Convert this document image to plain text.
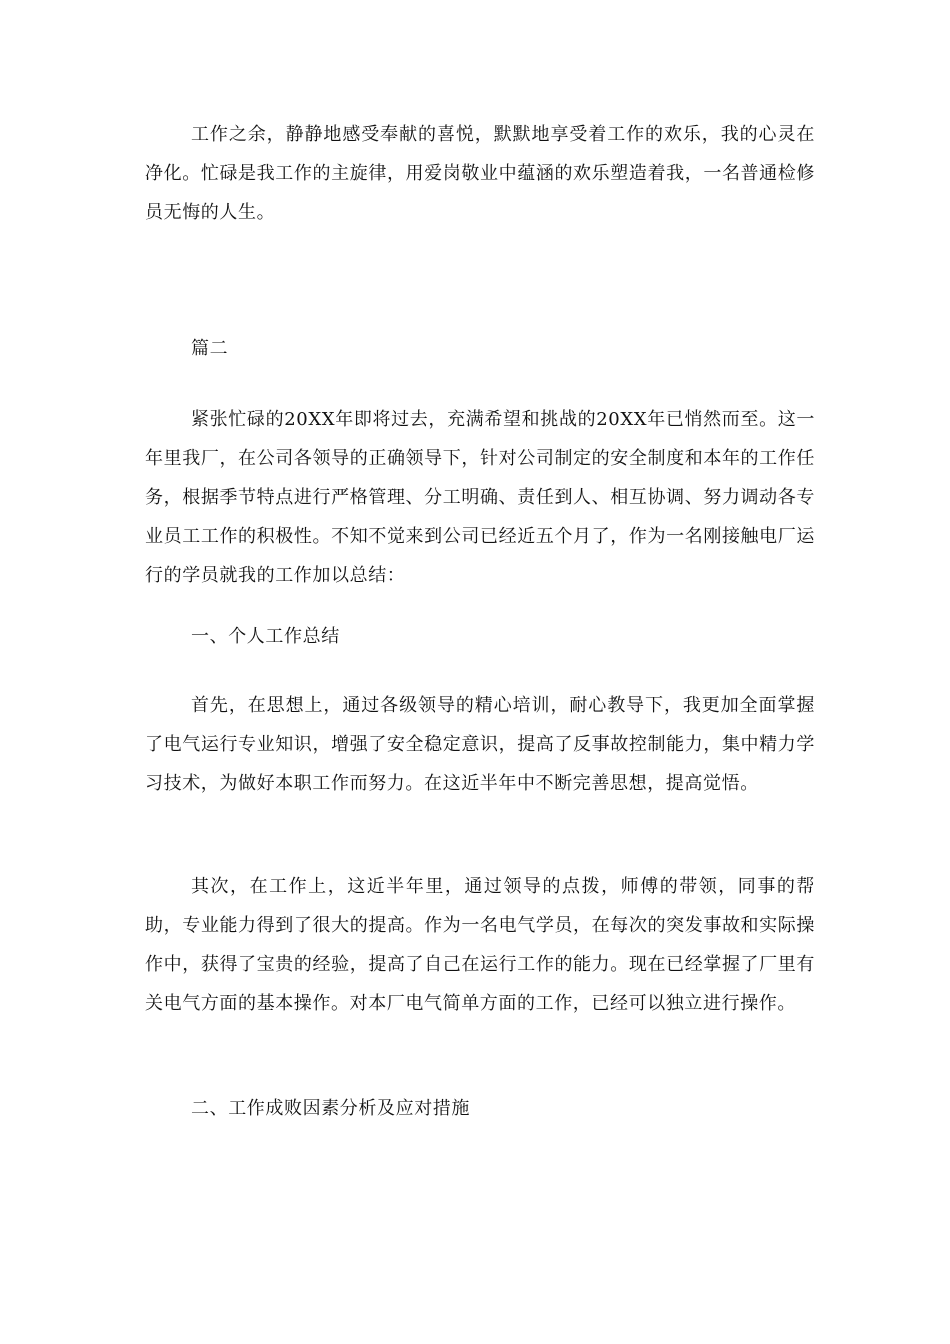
工作之余，静静地感受奉献的喜悦，默默地享受着工作的欢乐，我的心灵在净化。忙碌是我工作的主旋律，用爱岗敬业中蕴涵的欢乐塑造着我，一名普通检修员无悔的人生。

篇二

紧张忙碌的20XX年即将过去，充满希望和挑战的20XX年已悄然而至。这一年里我厂，在公司各领导的正确领导下，针对公司制定的安全制度和本年的工作任务，根据季节特点进行严格管理、分工明确、责任到人、相互协调、努力调动各专业员工工作的积极性。不知不觉来到公司已经近五个月了，作为一名刚接触电厂运行的学员就我的工作加以总结：

一、个人工作总结

首先，在思想上，通过各级领导的精心培训，耐心教导下，我更加全面掌握了电气运行专业知识，增强了安全稳定意识，提高了反事故控制能力，集中精力学习技术，为做好本职工作而努力。在这近半年中不断完善思想，提高觉悟。

其次，在工作上，这近半年里，通过领导的点拨，师傅的带领，同事的帮助，专业能力得到了很大的提高。作为一名电气学员，在每次的突发事故和实际操作中，获得了宝贵的经验，提高了自己在运行工作的能力。现在已经掌握了厂里有关电气方面的基本操作。对本厂电气简单方面的工作，已经可以独立进行操作。

二、工作成败因素分析及应对措施
